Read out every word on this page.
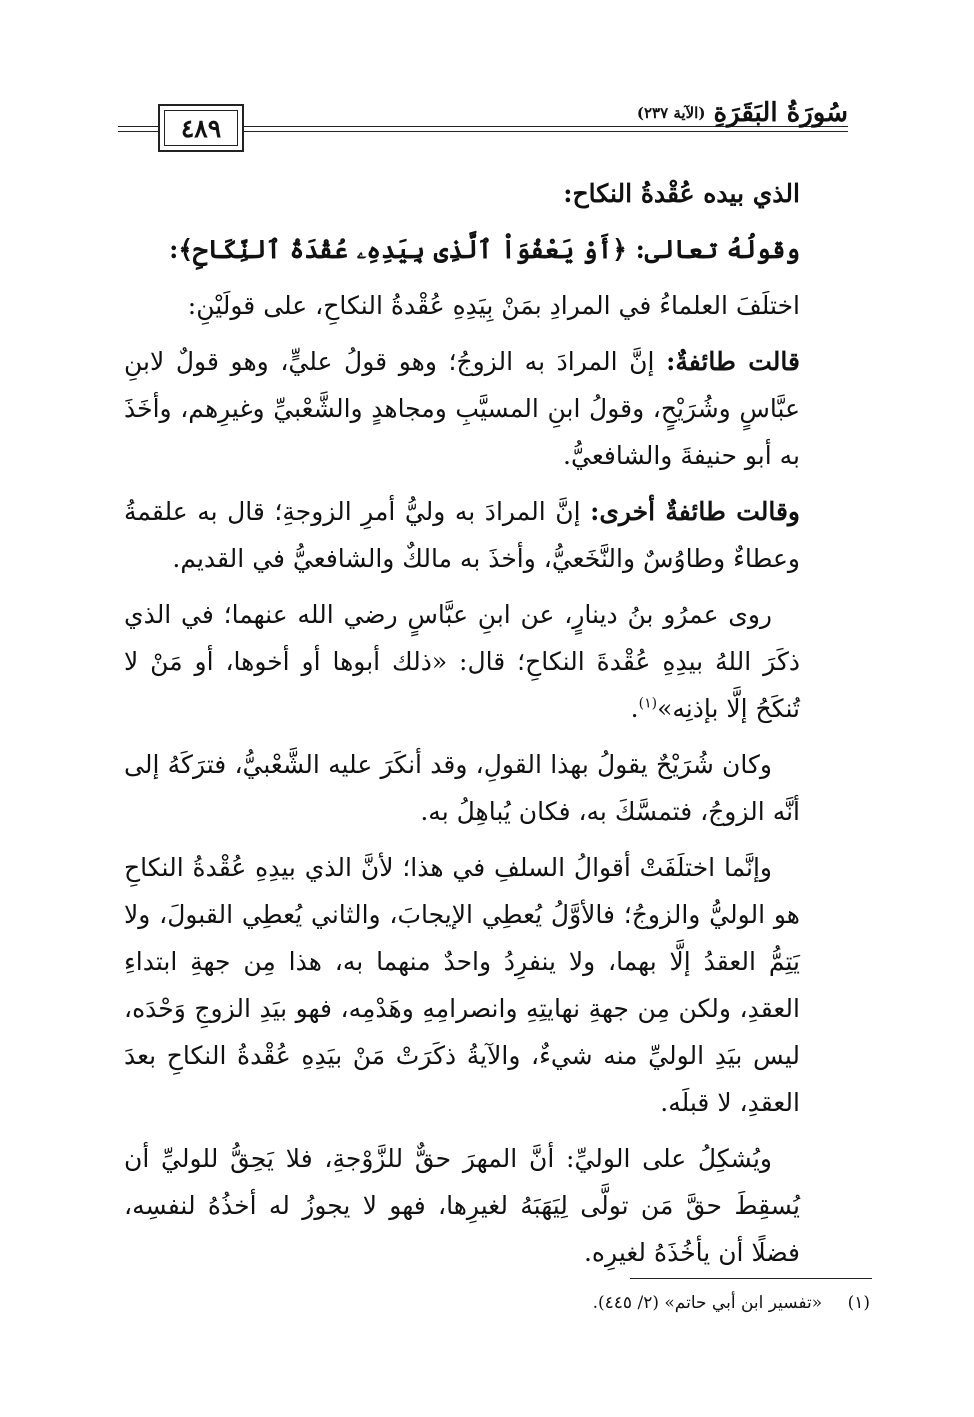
٤٨٩	سُورَةُ البَقَرَةِ
(الآية ٢٣٧)

الذي بيده عُقْدةُ النكاح:

وقولُهُ تعالى: ﴿أَوْ يَعْفُوَاْ ٱلَّذِى بِيَدِهِۦ عُقْدَةُ ٱلنِّكَاحِ﴾:

اختلَفَ العلماءُ في المرادِ بمَنْ بِيَدِهِ عُقْدةُ النكاحِ، على قولَيْنِ:

قالت طائفةٌ: إنَّ المرادَ به الزوجُ؛ وهو قولُ عليٍّ، وهو قولٌ لابنِ عبَّاسٍ وشُرَيْحٍ، وقولُ ابنِ المسيَّبِ ومجاهدٍ والشَّعْبيِّ وغيرِهم، وأخَذَ به أبو حنيفةَ والشافعيُّ.

وقالت طائفةٌ أخرى: إنَّ المرادَ به وليُّ أمرِ الزوجةِ؛ قال به علقمةُ وعطاءٌ وطاوُسٌ والنَّخَعيُّ، وأخذَ به مالكٌ والشافعيُّ في القديم.

روى عمرُو بنُ دينارٍ، عن ابنِ عبَّاسٍ رضي الله عنهما؛ في الذي ذكَرَ اللهُ بيدِهِ عُقْدةَ النكاحِ؛ قال: «ذلك أبوها أو أخوها، أو مَنْ لا تُنكَحُ إلَّا بإذنِه»$^{(١)}$.

وكان شُرَيْحٌ يقولُ بهذا القولِ، وقد أنكَرَ عليه الشَّعْبيُّ، فترَكَهُ إلى أنَّه الزوجُ، فتمسَّكَ به، فكان يُباهِلُ به.

وإنَّما اختلَفَتْ أقوالُ السلفِ في هذا؛ لأنَّ الذي بيدِهِ عُقْدةُ النكاحِ هو الوليُّ والزوجُ؛ فالأوَّلُ يُعطِي الإيجابَ، والثاني يُعطِي القبولَ، ولا يَتِمُّ العقدُ إلَّا بهما، ولا ينفرِدُ واحدٌ منهما به، هذا مِن جهةِ ابتداءِ العقدِ، ولكن مِن جهةِ نهايتِهِ وانصرامِهِ وهَدْمِه، فهو بيَدِ الزوجِ وَحْدَه، ليس بيَدِ الوليِّ منه شيءٌ، والآيةُ ذكَرَتْ مَنْ بيَدِهِ عُقْدةُ النكاحِ بعدَ العقدِ، لا قبلَه.

ويُشكِلُ على الوليِّ: أنَّ المهرَ حقٌّ للزَّوْجةِ، فلا يَحِقُّ للوليِّ أن يُسقِطَ حقَّ مَن تولَّى لِيَهَبَهُ لغيرِها، فهو لا يجوزُ له أخذُهُ لنفسِه، فضلًا أن يأخُذَهُ لغيرِه.

(١) «تفسير ابن أبي حاتم» (٢/ ٤٤٥).
